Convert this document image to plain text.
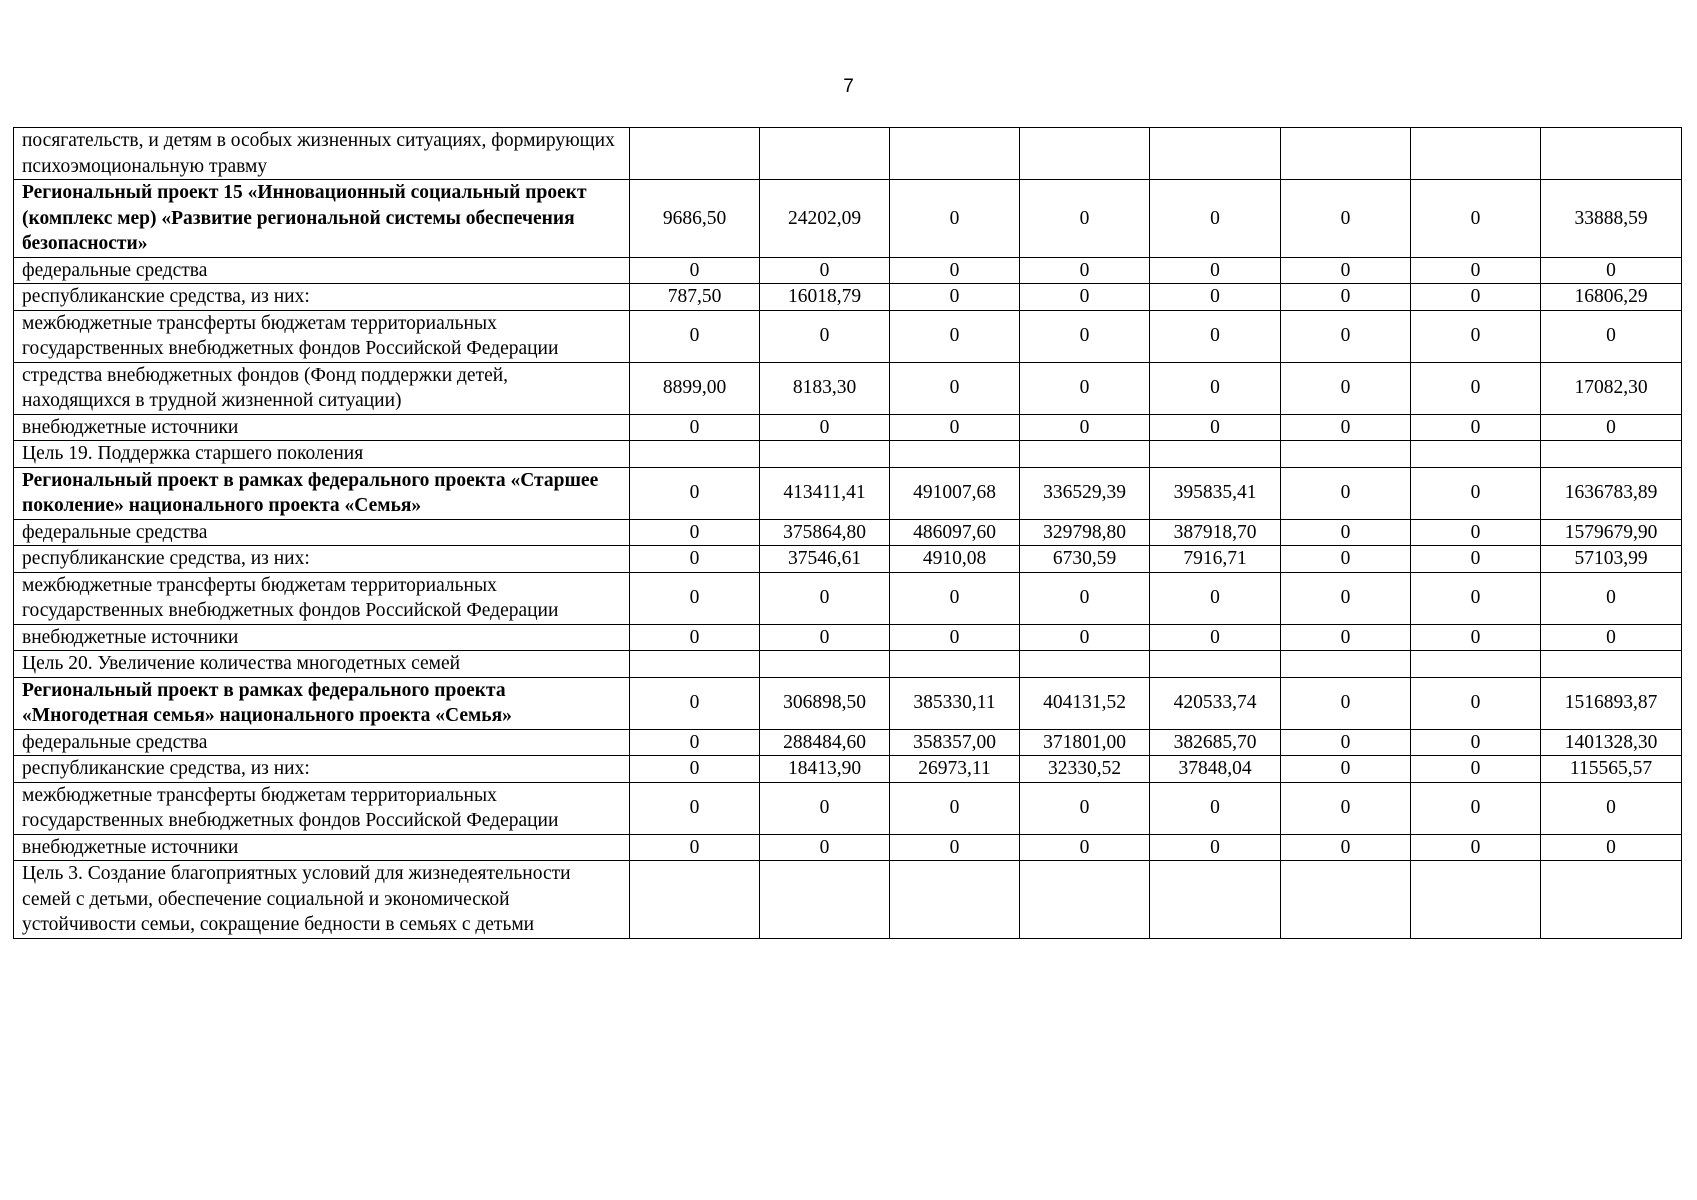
7
посягательств, и детям в особых жизненных ситуациях, формирующих психоэмоциональную травму								
Региональный проект 15 «Инновационный социальный проект (комплекс мер) «Развитие региональной системы обеспечения безопасности»	9686,50	24202,09	0	0	0	0	0	33888,59
федеральные средства	0	0	0	0	0	0	0	0
республиканские средства, из них:	787,50	16018,79	0	0	0	0	0	16806,29
межбюджетные трансферты бюджетам территориальных государственных внебюджетных фондов Российской Федерации	0	0	0	0	0	0	0	0
стредства внебюджетных фондов (Фонд поддержки детей, находящихся в трудной жизненной ситуации)	8899,00	8183,30	0	0	0	0	0	17082,30
внебюджетные источники	0	0	0	0	0	0	0	0
Цель 19. Поддержка старшего поколения								
Региональный проект в рамках федерального проекта «Старшее поколение» национального проекта «Семья»	0	413411,41	491007,68	336529,39	395835,41	0	0	1636783,89
федеральные средства	0	375864,80	486097,60	329798,80	387918,70	0	0	1579679,90
республиканские средства, из них:	0	37546,61	4910,08	6730,59	7916,71	0	0	57103,99
межбюджетные трансферты бюджетам территориальных государственных внебюджетных фондов Российской Федерации	0	0	0	0	0	0	0	0
внебюджетные источники	0	0	0	0	0	0	0	0
Цель 20. Увеличение количества многодетных семей								
Региональный проект в рамках федерального проекта «Многодетная семья» национального проекта «Семья»	0	306898,50	385330,11	404131,52	420533,74	0	0	1516893,87
федеральные средства	0	288484,60	358357,00	371801,00	382685,70	0	0	1401328,30
республиканские средства, из них:	0	18413,90	26973,11	32330,52	37848,04	0	0	115565,57
межбюджетные трансферты бюджетам территориальных государственных внебюджетных фондов Российской Федерации	0	0	0	0	0	0	0	0
внебюджетные источники	0	0	0	0	0	0	0	0
Цель 3. Создание благоприятных условий для жизнедеятельности семей с детьми, обеспечение социальной и экономической устойчивости семьи, сокращение бедности в семьях с детьми								
